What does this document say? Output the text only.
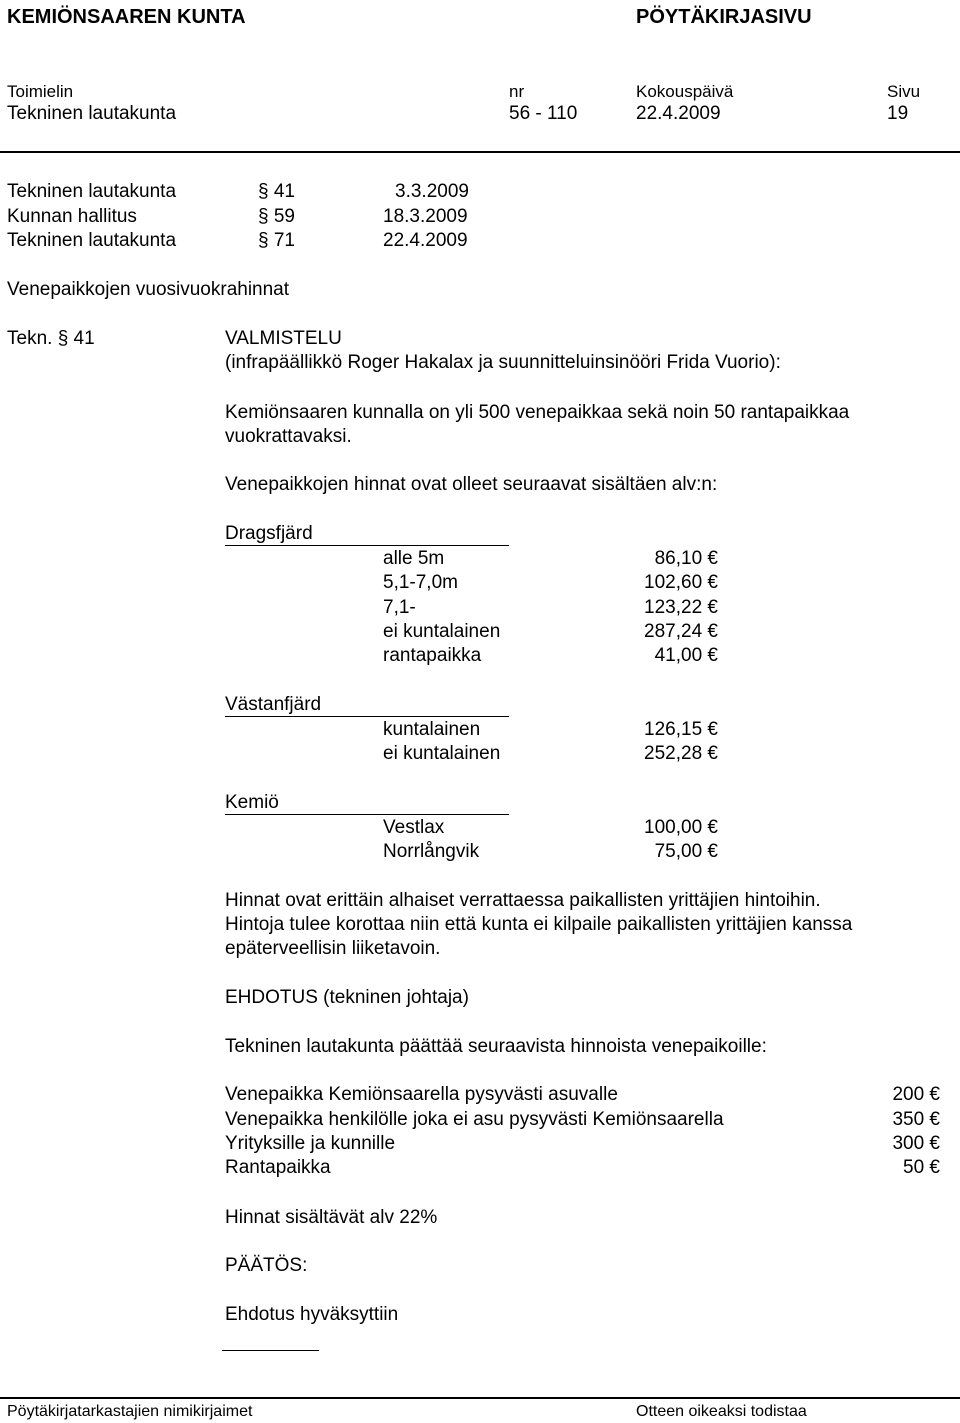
KEMIÖNSAAREN KUNTA	PÖYTÄKIRJASIVU
Toimielin	nr	Kokouspäivä	Sivu
Tekninen lautakunta	56 - 110	22.4.2009	19
Tekninen lautakunta	§ 41	3.3.2009
Kunnan hallitus	§ 59	18.3.2009
Tekninen lautakunta	§ 71	22.4.2009
Venepaikkojen vuosivuokrahinnat
Tekn. § 41	VALMISTELU
(infrapäällikkö Roger Hakalax ja suunnitteluinsinööri Frida Vuorio):
Kemiönsaaren kunnalla on yli 500 venepaikkaa sekä noin 50 rantapaikkaa
vuokrattavaksi.
Venepaikkojen hinnat ovat olleet seuraavat sisältäen alv:n:
Dragsfjärd
alle 5m	86,10 €
5,1-7,0m	102,60 €
7,1-	123,22 €
ei kuntalainen	287,24 €
rantapaikka	41,00 €
Västanfjärd
kuntalainen	126,15 €
ei kuntalainen	252,28 €
Kemiö
Vestlax	100,00 €
Norrlångvik	75,00 €
Hinnat ovat erittäin alhaiset verrattaessa paikallisten yrittäjien hintoihin.
Hintoja tulee korottaa niin että kunta ei kilpaile paikallisten yrittäjien kanssa
epäterveellisin liiketavoin.
EHDOTUS (tekninen johtaja)
Tekninen lautakunta päättää seuraavista hinnoista venepaikoille:
Venepaikka Kemiönsaarella pysyvästi asuvalle	200 €
Venepaikka henkilölle joka ei asu pysyvästi Kemiönsaarella	350 €
Yrityksille ja kunnille	300 €
Rantapaikka	50 €
Hinnat sisältävät alv 22%
PÄÄTÖS:
Ehdotus hyväksyttiin
Pöytäkirjatarkastajien nimikirjaimet	Otteen oikeaksi todistaa
